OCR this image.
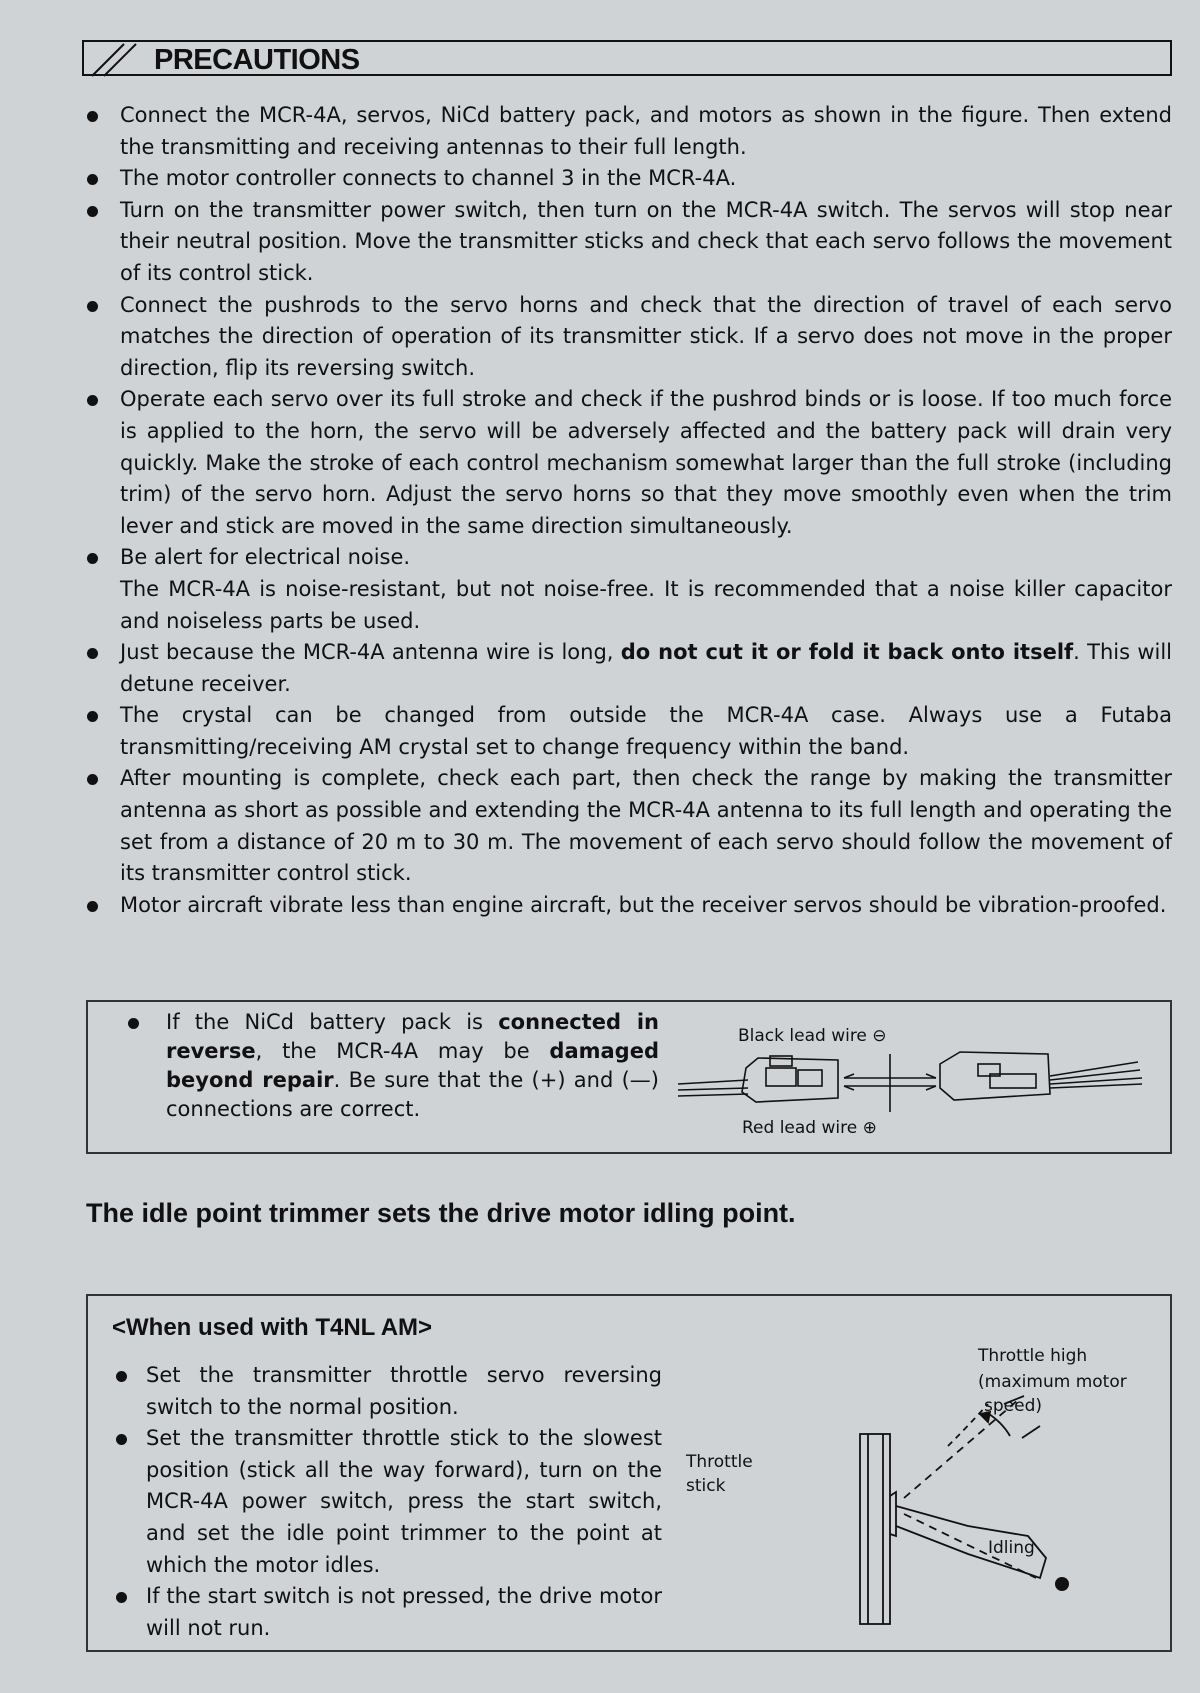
PRECAUTIONS

Connect the MCR-4A, servos, NiCd battery pack, and motors as shown in the figure. Then extend the transmitting and receiving antennas to their full length.

The motor controller connects to channel 3 in the MCR-4A.

Turn on the transmitter power switch, then turn on the MCR-4A switch. The servos will stop near their neutral position. Move the transmitter sticks and check that each servo follows the movement of its control stick.

Connect the pushrods to the servo horns and check that the direction of travel of each servo matches the direction of operation of its transmitter stick. If a servo does not move in the proper direction, flip its reversing switch.

Operate each servo over its full stroke and check if the pushrod binds or is loose. If too much force is applied to the horn, the servo will be adversely affected and the battery pack will drain very quickly. Make the stroke of each control mechanism somewhat larger than the full stroke (including trim) of the servo horn. Adjust the servo horns so that they move smoothly even when the trim lever and stick are moved in the same direction simultaneously.

Be alert for electrical noise.

The MCR-4A is noise-resistant, but not noise-free. It is recommended that a noise killer capacitor and noiseless parts be used.

Just because the MCR-4A antenna wire is long, do not cut it or fold it back onto itself. This will detune receiver.

The crystal can be changed from outside the MCR-4A case. Always use a Futaba transmitting/receiving AM crystal set to change frequency within the band.

After mounting is complete, check each part, then check the range by making the transmitter antenna as short as possible and extending the MCR-4A antenna to its full length and operating the set from a distance of 20 m to 30 m. The movement of each servo should follow the movement of its transmitter control stick.

Motor aircraft vibrate less than engine aircraft, but the receiver servos should be vibration-proofed.

If the NiCd battery pack is connected in reverse, the MCR-4A may be damaged beyond repair. Be sure that the (+) and (—) connections are correct.
Black lead wire ⊖
Red lead wire ⊕
The idle point trimmer sets the drive motor idling point.
<When used with T4NL AM>

Set the transmitter throttle servo reversing switch to the normal position.

Set the transmitter throttle stick to the slowest position (stick all the way forward), turn on the MCR-4A power switch, press the start switch, and set the idle point trimmer to the point at which the motor idles.

If the start switch is not pressed, the drive motor will not run.

Throttle high
(maximum motor
speed)
Throttle
stick
Idling
